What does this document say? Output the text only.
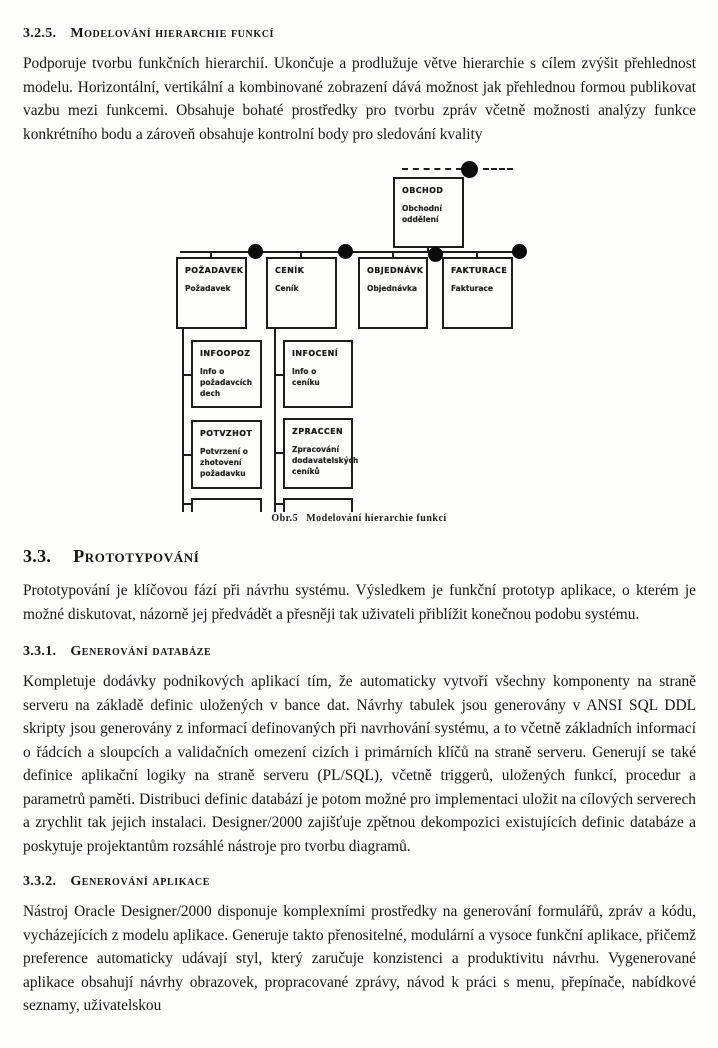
3.2.5. Modelování hierarchie funkcí

Podporuje tvorbu funkčních hierarchií. Ukončuje a prodlužuje větve hierarchie s cílem zvýšit přehlednost modelu. Horizontální, vertikální a kombinované zobrazení dává možnost jak přehlednou formou publikovat vazbu mezi funkcemi. Obsahuje bohaté prostředky pro tvorbu zpráv včetně možnosti analýzy funkce konkrétního bodu a zároveň obsahuje kontrolní body pro sledování kvality

OBCHOD
Obchodní oddělení
POŽADAVEK
Požadavek
CENÍK
Ceník
OBJEDNÁVK
Objednávka
FAKTURACE
Fakturace
INFOOPOZ
Info o požadavcích dech
POTVZHOT
Potvrzení o zhotovení požadavku
INFOCENÍ
Info o ceníku
ZPRACCEN
Zpracování dodavatelských ceníků
Obr.5 Modelování hierarchie funkcí
3.3. Prototypování

Prototypování je klíčovou fází při návrhu systému. Výsledkem je funkční prototyp aplikace, o kterém je možné diskutovat, názorně jej předvádět a přesněji tak uživateli přiblížit konečnou podobu systému.

3.3.1. Generování databáze

Kompletuje dodávky podnikových aplikací tím, že automaticky vytvoří všechny komponenty na straně serveru na základě definic uložených v bance dat. Návrhy tabulek jsou generovány v ANSI SQL DDL skripty jsou generovány z informací definovaných při navrhování systému, a to včetně základních informací o řádcích a sloupcích a validačních omezení cizích i primárních klíčů na straně serveru. Generují se také definice aplikační logiky na straně serveru (PL/SQL), včetně triggerů, uložených funkcí, procedur a parametrů paměti. Distribuci definic databází je potom možné pro implementaci uložit na cílových serverech a zrychlit tak jejich instalaci. Designer/2000 zajišťuje zpětnou dekompozici existujících definic databáze a poskytuje projektantům rozsáhlé nástroje pro tvorbu diagramů.

3.3.2. Generování aplikace

Nástroj Oracle Designer/2000 disponuje komplexními prostředky na generování formulářů, zpráv a kódu, vycházejících z modelu aplikace. Generuje takto přenositelné, modulární a vysoce funkční aplikace, přičemž preference automaticky udávají styl, který zaručuje konzistenci a produktivitu návrhu. Vygenerované aplikace obsahují návrhy obrazovek, propracované zprávy, návod k práci s menu, přepínače, nabídkové seznamy, uživatelskou
